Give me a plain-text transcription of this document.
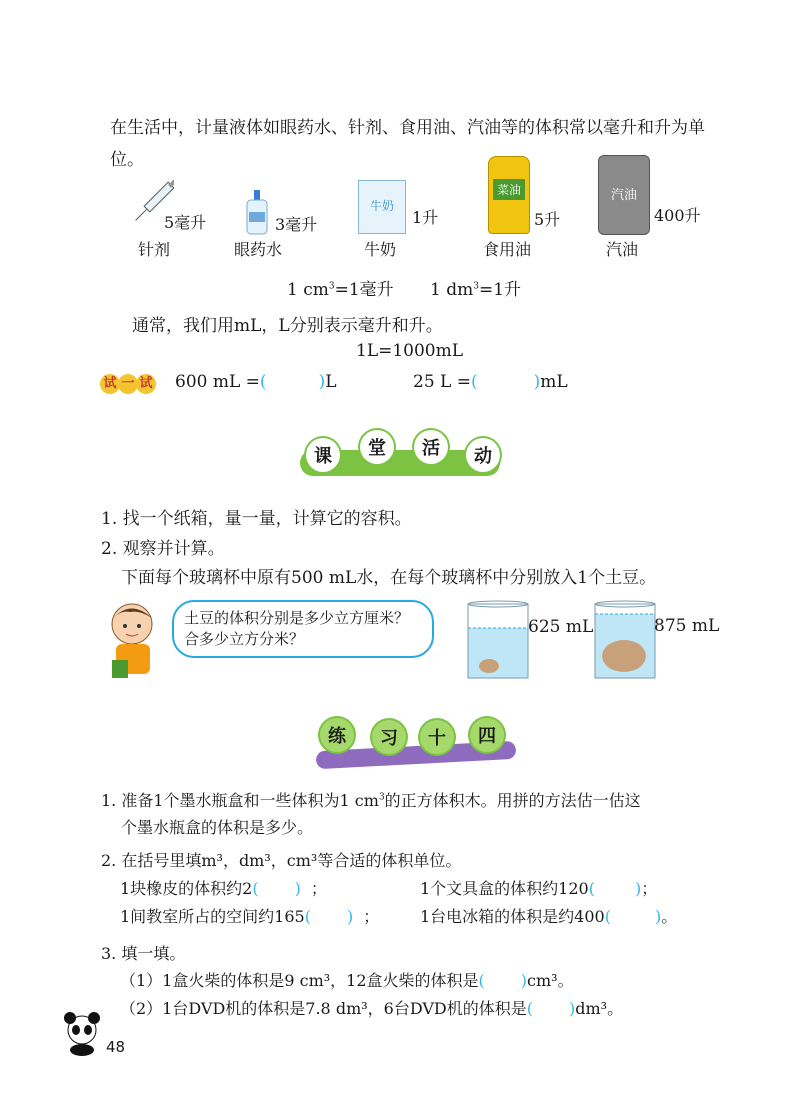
在生活中，计量液体如眼药水、针剂、食用油、汽油等的体积常以毫升和升为单位。
5毫升
针剂
3毫升
眼药水
牛奶
1升
牛奶
菜油
5升
食用油
汽油
400升
汽油
1 $cm^3=1$毫升 1 $dm^3=1$升
通常，我们用mL，L分别表示毫升和升。
1L=1000mL
试 一 试 600 mL =(	)L	25 L =(	)mL
课	堂	活	动
1. 找一个纸箱，量一量，计算它的容积。
2. 观察并计算。
下面每个玻璃杯中原有500 mL水，在每个玻璃杯中分别放入1个土豆。
土豆的体积分别是多少立方厘米？合多少立方分米？
625 mL	875 mL
练	习	十	四
1. 准备1个墨水瓶盒和一些体积为1 $cm^3$的正方体积木。用拼的方法估一估这
个墨水瓶盒的体积是多少。
2. 在括号里填m³，dm³，cm³等合适的体积单位。
1块橡皮的体积约2( ) ；	1个文具盒的体积约120(	)；
1间教室所占的空间约165( ) ；	1台电冰箱的体积是约400(	)。
3. 填一填。
（1）1盒火柴的体积是9 cm³，12盒火柴的体积是( )cm³。
（2）1台DVD机的体积是7.8 dm³，6台DVD机的体积是( )dm³。
48
